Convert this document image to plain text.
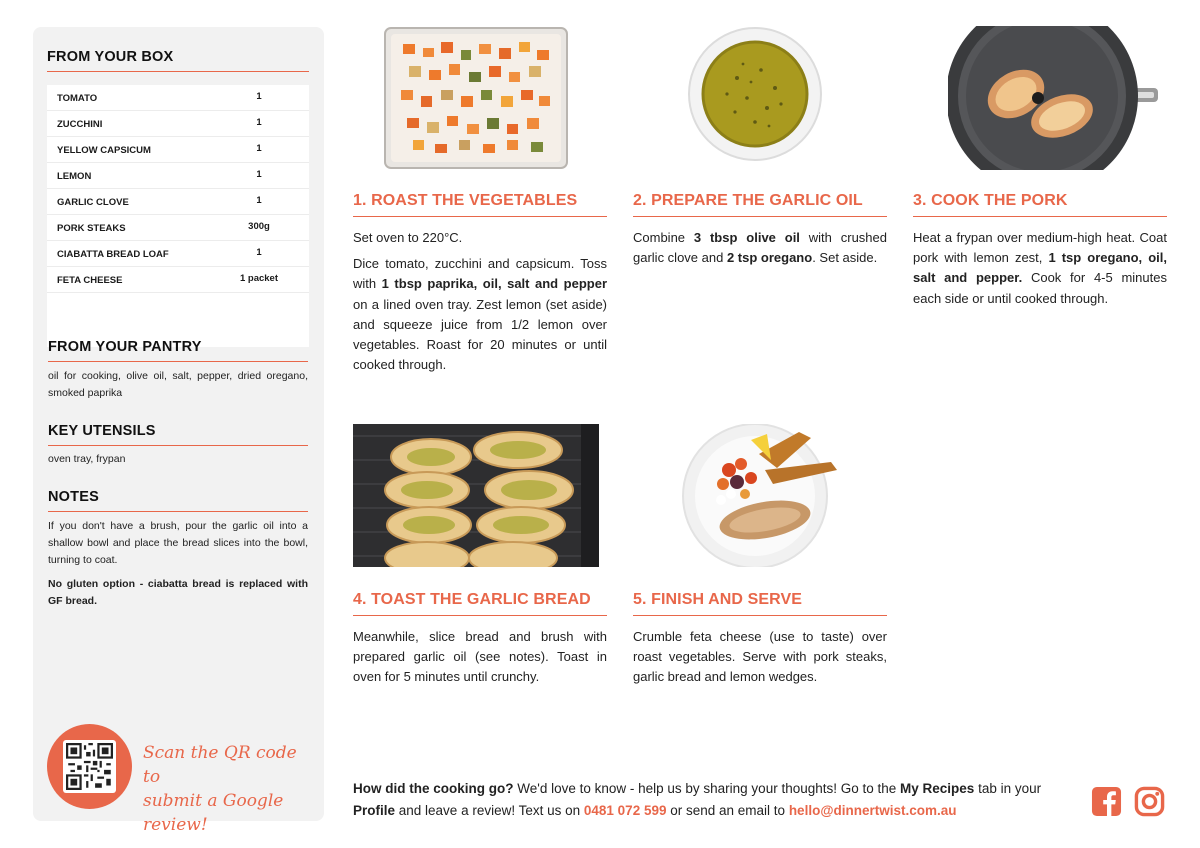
FROM YOUR BOX
TOMATO	1
ZUCCHINI	1
YELLOW CAPSICUM	1
LEMON	1
GARLIC CLOVE	1
PORK STEAKS	300g
CIABATTA BREAD LOAF	1
FETA CHEESE	1 packet
FROM YOUR PANTRY
oil for cooking, olive oil, salt, pepper, dried oregano, smoked paprika
KEY UTENSILS
oven tray, frypan
NOTES
If you don't have a brush, pour the garlic oil into a shallow bowl and place the bread slices into the bowl, turning to coat.
No gluten option - ciabatta bread is replaced with GF bread.
Scan the QR code to
submit a Google review!
1. ROAST THE VEGETABLES

Set oven to 220°C.

Dice tomato, zucchini and capsicum. Toss with 1 tbsp paprika, oil, salt and pepper on a lined oven tray. Zest lemon (set aside) and squeeze juice from 1/2 lemon over vegetables. Roast for 20 minutes or until cooked through.

2. PREPARE THE GARLIC OIL

Combine 3 tbsp olive oil with crushed garlic clove and 2 tsp oregano. Set aside.

3. COOK THE PORK

Heat a frypan over medium-high heat. Coat pork with lemon zest, 1 tsp oregano, oil, salt and pepper. Cook for 4-5 minutes each side or until cooked through.

4. TOAST THE GARLIC BREAD

Meanwhile, slice bread and brush with prepared garlic oil (see notes). Toast in oven for 5 minutes until crunchy.

5. FINISH AND SERVE

Crumble feta cheese (use to taste) over roast vegetables. Serve with pork steaks, garlic bread and lemon wedges.

How did the cooking go? We'd love to know - help us by sharing your thoughts! Go to the My Recipes tab in your Profile and leave a review! Text us on 0481 072 599 or send an email to hello@dinnertwist.com.au
